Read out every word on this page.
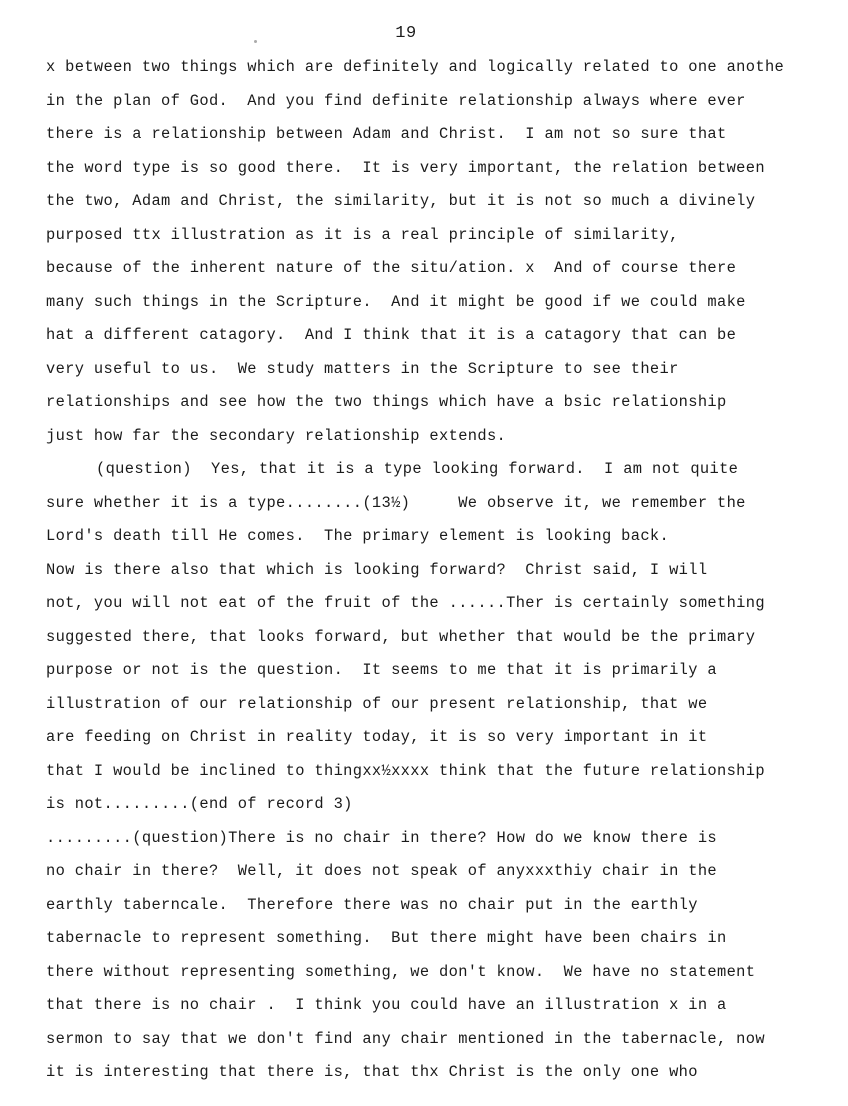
19
x between two things which are definitely and logically related to one anothe
in the plan of God.  And you find definite relationship always where ever
there is a relationship between Adam and Christ.  I am not so sure that
the word type is so good there.  It is very important, the relation between
the two, Adam and Christ, the similarity, but it is not so much a divinely
purposed ttx illustration as it is a real principle of similarity,
because of the inherent nature of the situ/ation. x  And of course there
many such things in the Scripture.  And it might be good if we could make
hat a different catagory.  And I think that it is a catagory that can be
very useful to us.  We study matters in the Scripture to see their
relationships and see how the two things which have a bsic relationship
just how far the secondary relationship extends.
(question)  Yes, that it is a type looking forward.  I am not quite
sure whether it is a type........(13½)     We observe it, we remember the
Lord's death till He comes.  The primary element is looking back.
Now is there also that which is looking forward?  Christ said, I will
not, you will not eat of the fruit of the ......Ther is certainly something
suggested there, that looks forward, but whether that would be the primary
purpose or not is the question.  It seems to me that it is primarily a
illustration of our relationship of our present relationship, that we
are feeding on Christ in reality today, it is so very important in it
that I would be inclined to thingxx½xxxx think that the future relationship
is not.........(end of record 3)
.........(question)There is no chair in there? How do we know there is
no chair in there?  Well, it does not speak of anyxxxthiy chair in the
earthly taberncale.  Therefore there was no chair put in the earthly
tabernacle to represent something.  But there might have been chairs in
there without representing something, we don't know.  We have no statement
that there is no chair .  I think you could have an illustration x in a
sermon to say that we don't find any chair mentioned in the tabernacle, now
it is interesting that there is, that thx Christ is the only one who
